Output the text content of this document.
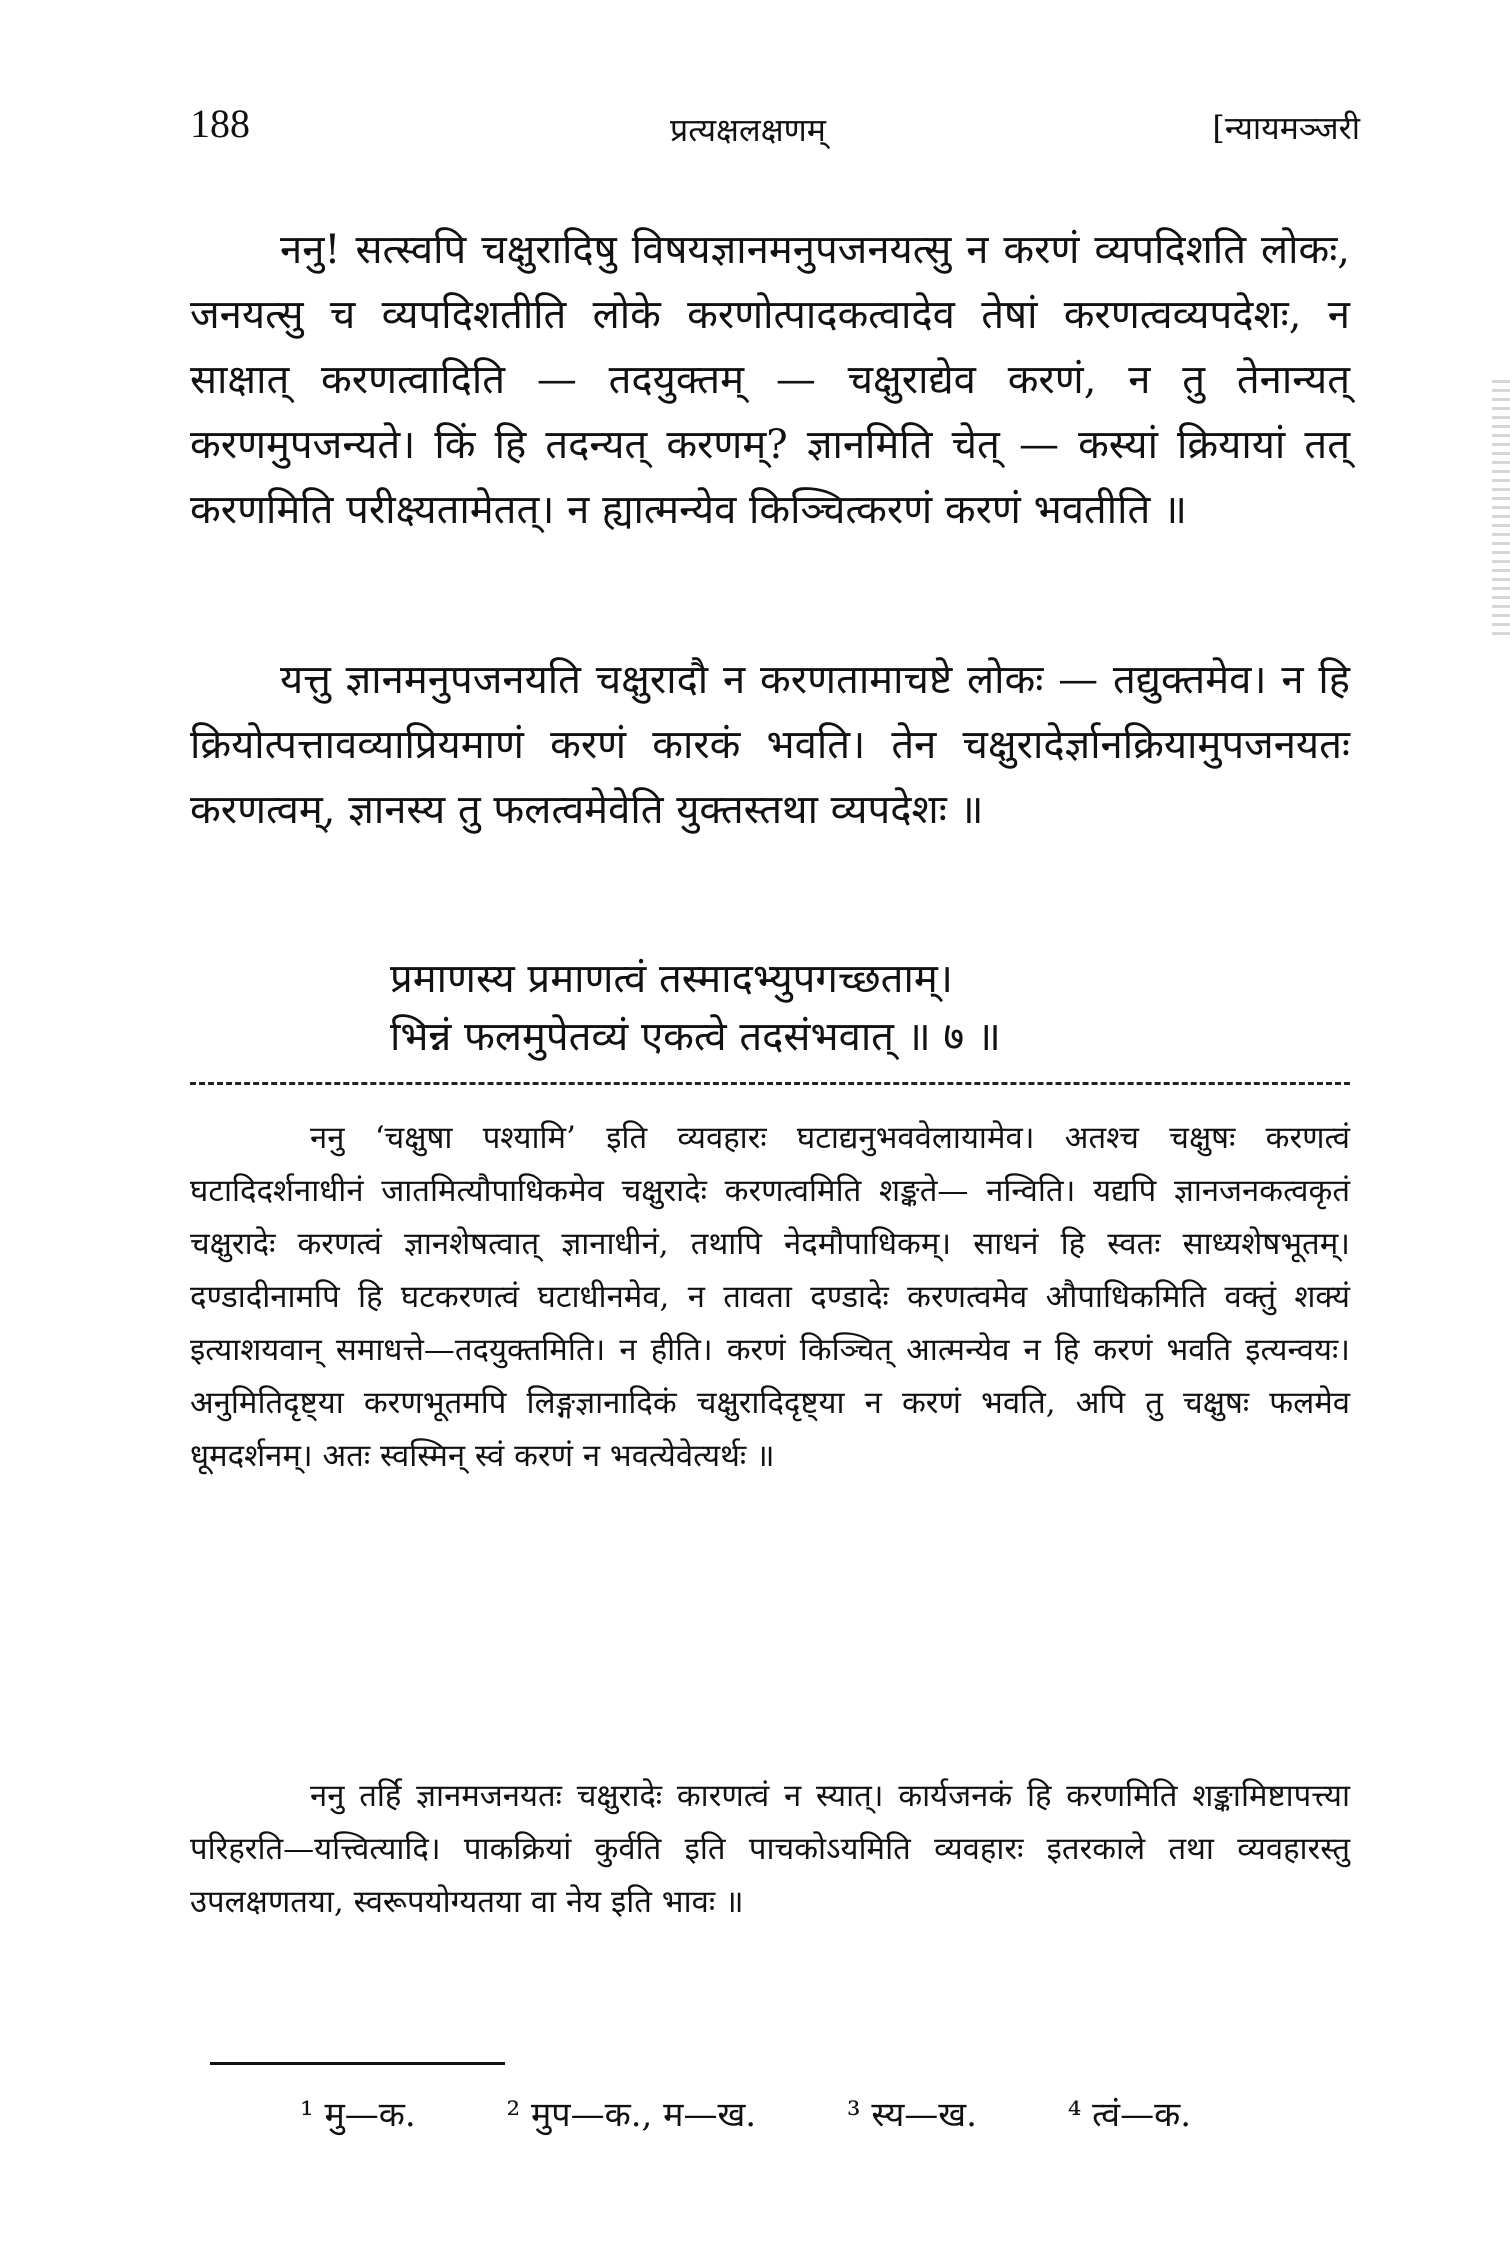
188	प्रत्यक्षलक्षणम्	[न्यायमञ्जरी

ननु! सत्स्वपि चक्षुरादिषु विषयज्ञानमनुपजनयत्सु न करणं व्यपदिशति लोकः, जनयत्सु च व्यपदिशतीति लोके करणोत्पादकत्वादेव तेषां करणत्वव्यपदेशः, न साक्षात् करणत्वादिति — तदयुक्तम् — चक्षुराद्येव करणं, न तु तेनान्यत् करणमुपजन्यते। किं हि तदन्यत् करणम्? ज्ञानमिति चेत् — कस्यां क्रियायां तत् करणमिति परीक्ष्यतामेतत्। न ह्यात्मन्येव किञ्चित्करणं करणं भवतीति ॥

यत्तु ज्ञानमनुपजनयति चक्षुरादौ न करणतामाचष्टे लोकः — तद्युक्तमेव। न हि क्रियोत्पत्तावव्याप्रियमाणं करणं कारकं भवति। तेन चक्षुरादेर्ज्ञानक्रियामुपजनयतः करणत्वम्, ज्ञानस्य तु फलत्वमेवेति युक्तस्तथा व्यपदेशः ॥

प्रमाणस्य प्रमाणत्वं तस्मादभ्युपगच्छताम्।
भिन्नं फलमुपेतव्यं एकत्वे तदसंभवात् ॥ ७ ॥

ननु ‘चक्षुषा पश्यामि’ इति व्यवहारः घटाद्यनुभववेलायामेव। अतश्च चक्षुषः करणत्वं घटादिदर्शनाधीनं जातमित्यौपाधिकमेव चक्षुरादेः करणत्वमिति शङ्कते— नन्विति। यद्यपि ज्ञानजनकत्वकृतं चक्षुरादेः करणत्वं ज्ञानशेषत्वात् ज्ञानाधीनं, तथापि नेदमौपाधिकम्। साधनं हि स्वतः साध्यशेषभूतम्। दण्डादीनामपि हि घटकरणत्वं घटाधीनमेव, न तावता दण्डादेः करणत्वमेव औपाधिकमिति वक्तुं शक्यं इत्याशयवान् समाधत्ते—तदयुक्तमिति। न हीति। करणं किञ्चित् आत्मन्येव न हि करणं भवति इत्यन्वयः। अनुमितिदृष्ट्या करणभूतमपि लिङ्गज्ञानादिकं चक्षुरादिदृष्ट्या न करणं भवति, अपि तु चक्षुषः फलमेव धूमदर्शनम्। अतः स्वस्मिन् स्वं करणं न भवत्येवेत्यर्थः ॥

ननु तर्हि ज्ञानमजनयतः चक्षुरादेः कारणत्वं न स्यात्। कार्यजनकं हि करणमिति शङ्कामिष्टापत्त्या परिहरति—यत्त्वित्यादि। पाकक्रियां कुर्वति इति पाचकोऽयमिति व्यवहारः इतरकाले तथा व्यवहारस्तु उपलक्षणतया, स्वरूपयोग्यतया वा नेय इति भावः ॥

¹ मु—क.	² मुप—क., म—ख.	³ स्य—ख.	⁴ त्वं—क.
